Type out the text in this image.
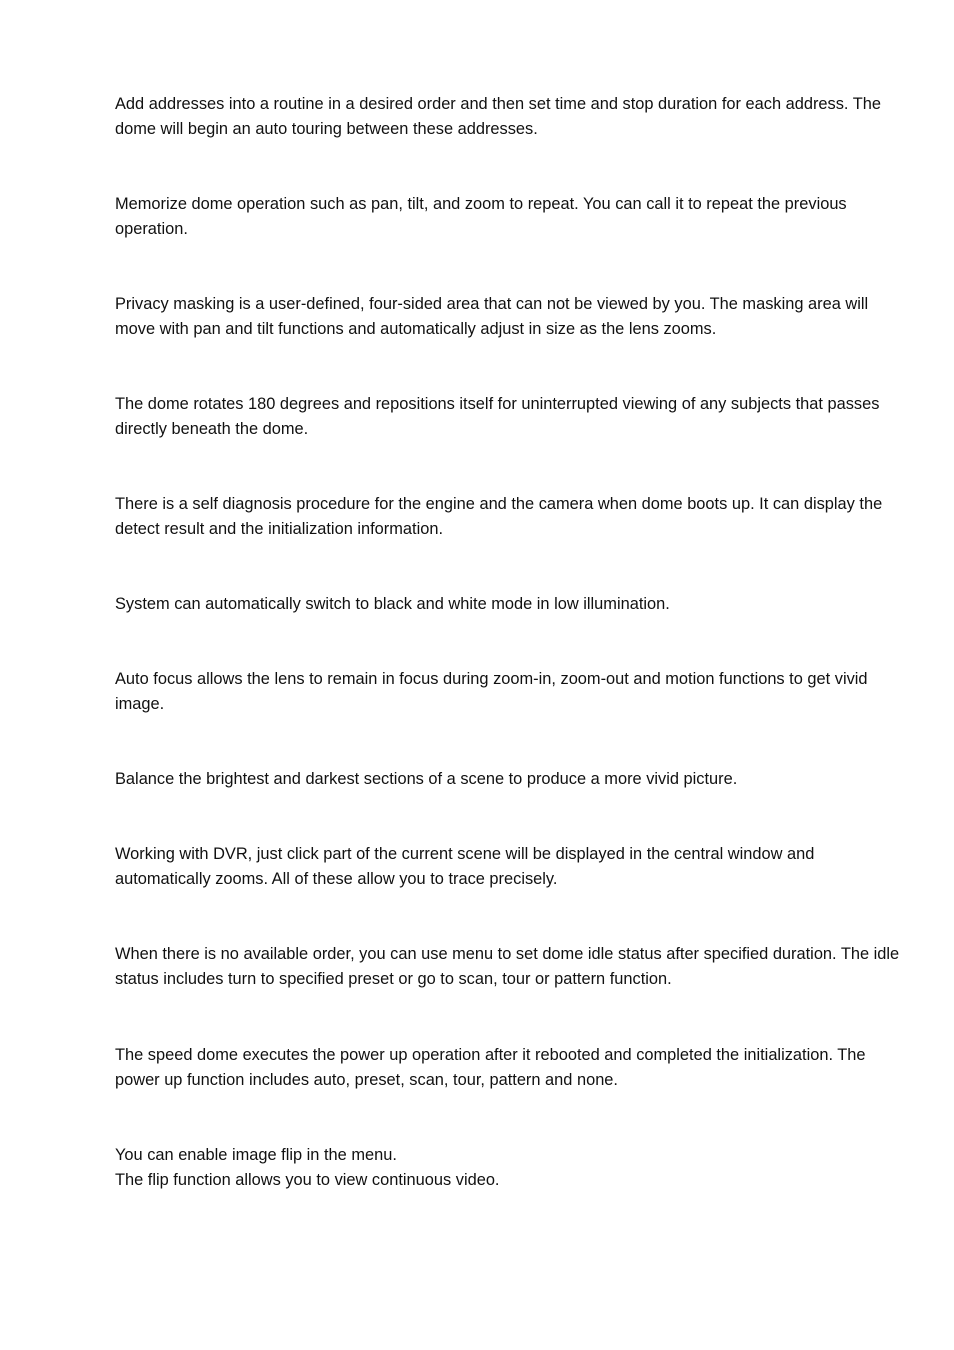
Add addresses into a routine in a desired order and then set time and stop duration for each address. The
dome will begin an auto touring between these addresses.

Memorize dome operation such as pan, tilt, and zoom to repeat. You can call it to repeat the previous
operation.

Privacy masking is a user-defined, four-sided area that can not be viewed by you. The masking area will
move with pan and tilt functions and automatically adjust in size as the lens zooms.

The dome rotates 180 degrees and repositions itself for uninterrupted viewing of any subjects that passes
directly beneath the dome.

There is a self diagnosis procedure for the engine and the camera when dome boots up. It can display the
detect result and the initialization information.

System can automatically switch to black and white mode in low illumination.

Auto focus allows the lens to remain in focus during zoom-in, zoom-out and motion functions to get vivid
image.

Balance the brightest and darkest sections of a scene to produce a more vivid picture.

Working with DVR, just click part of the current scene will be displayed in the central window and
automatically zooms. All of these allow you to trace precisely.

When there is no available order, you can use menu to set dome idle status after specified duration. The idle
status includes turn to specified preset or go to scan, tour or pattern function.

The speed dome executes the power up operation after it rebooted and completed the initialization. The
power up function includes auto, preset, scan, tour, pattern and none.

You can enable image flip in the menu.
The flip function allows you to view continuous video.
